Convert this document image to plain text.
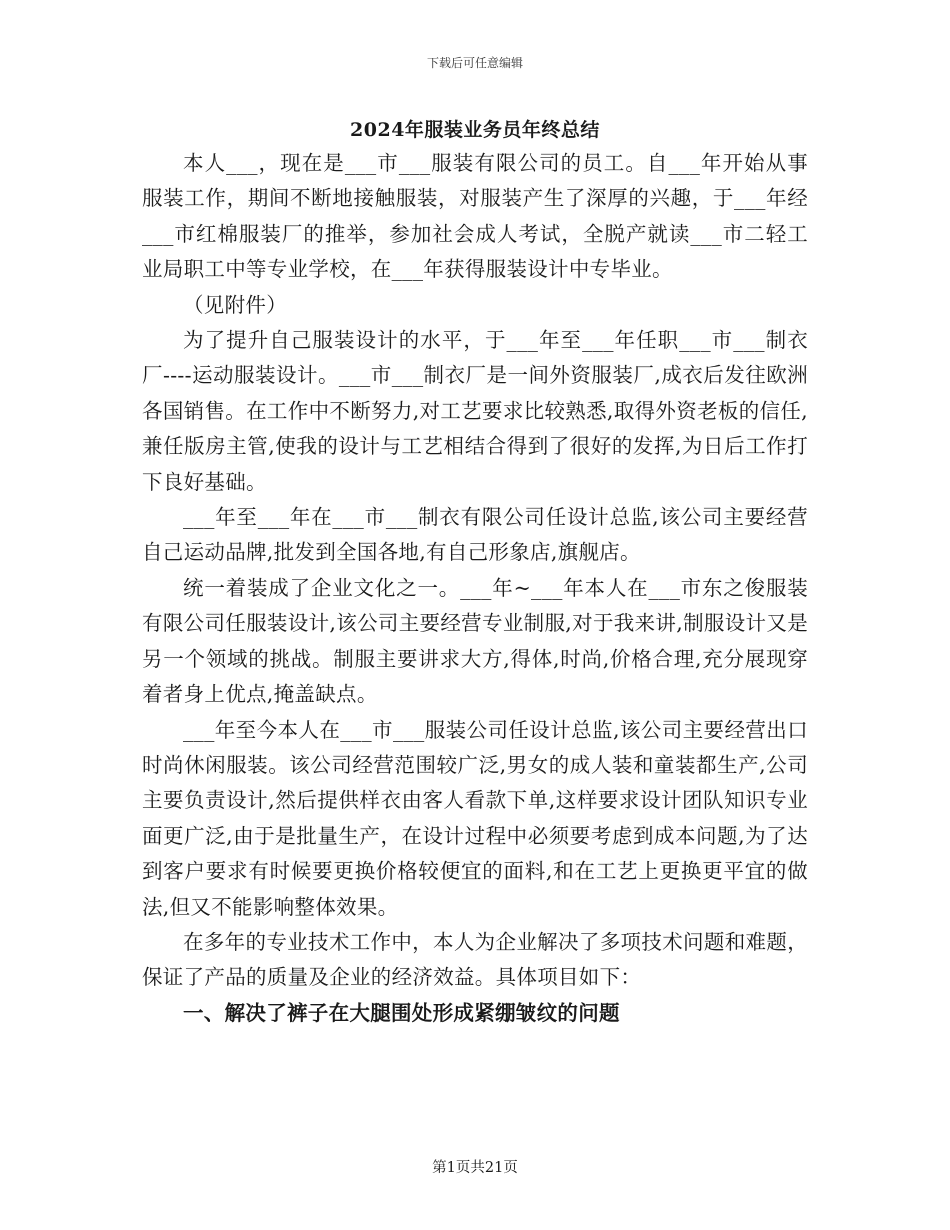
下载后可任意编辑
2024年服装业务员年终总结

本人___，现在是___市___服装有限公司的员工。自___年开始从事服装工作，期间不断地接触服装，对服装产生了深厚的兴趣，于___年经___市红棉服装厂的推举，参加社会成人考试，全脱产就读___市二轻工业局职工中等专业学校，在___年获得服装设计中专毕业。

（见附件）

为了提升自己服装设计的水平，于___年至___年任职___市___制衣厂----运动服装设计。___市___制衣厂是一间外资服装厂,成衣后发往欧洲各国销售。在工作中不断努力,对工艺要求比较熟悉,取得外资老板的信任,兼任版房主管,使我的设计与工艺相结合得到了很好的发挥,为日后工作打下良好基础。

___年至___年在___市___制衣有限公司任设计总监,该公司主要经营自己运动品牌,批发到全国各地,有自己形象店,旗舰店。

统一着装成了企业文化之一。___年~___年本人在___市东之俊服装有限公司任服装设计,该公司主要经营专业制服,对于我来讲,制服设计又是另一个领域的挑战。制服主要讲求大方,得体,时尚,价格合理,充分展现穿着者身上优点,掩盖缺点。

___年至今本人在___市___服装公司任设计总监,该公司主要经营出口时尚休闲服装。该公司经营范围较广泛,男女的成人装和童装都生产,公司主要负责设计,然后提供样衣由客人看款下单,这样要求设计团队知识专业面更广泛,由于是批量生产，在设计过程中必须要考虑到成本问题,为了达到客户要求有时候要更换价格较便宜的面料,和在工艺上更换更平宜的做法,但又不能影响整体效果。

在多年的专业技术工作中，本人为企业解决了多项技术问题和难题，保证了产品的质量及企业的经济效益。具体项目如下：

一、解决了裤子在大腿围处形成紧绷皱纹的问题

第1页共21页
